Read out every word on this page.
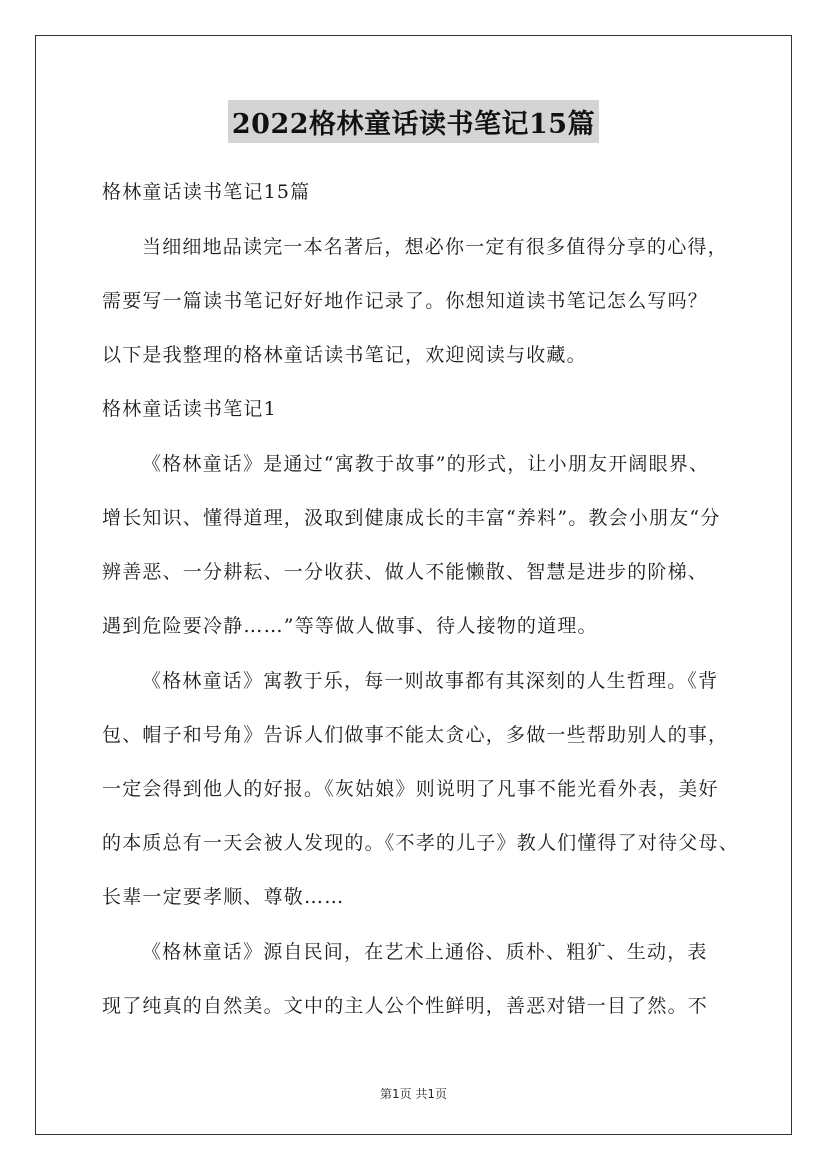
2022格林童话读书笔记15篇
格林童话读书笔记15篇
当细细地品读完一本名著后，想必你一定有很多值得分享的心得，
需要写一篇读书笔记好好地作记录了。你想知道读书笔记怎么写吗？
以下是我整理的格林童话读书笔记，欢迎阅读与收藏。
格林童话读书笔记1
《格林童话》是通过“寓教于故事”的形式，让小朋友开阔眼界、
增长知识、懂得道理，汲取到健康成长的丰富“养料”。教会小朋友“分
辨善恶、一分耕耘、一分收获、做人不能懒散、智慧是进步的阶梯、
遇到危险要冷静……”等等做人做事、待人接物的道理。
《格林童话》寓教于乐，每一则故事都有其深刻的人生哲理。《背
包、帽子和号角》告诉人们做事不能太贪心，多做一些帮助别人的事，
一定会得到他人的好报。《灰姑娘》则说明了凡事不能光看外表，美好
的本质总有一天会被人发现的。《不孝的儿子》教人们懂得了对待父母、
长辈一定要孝顺、尊敬……
《格林童话》源自民间，在艺术上通俗、质朴、粗犷、生动，表
现了纯真的自然美。文中的主人公个性鲜明，善恶对错一目了然。不
第1页 共1页
